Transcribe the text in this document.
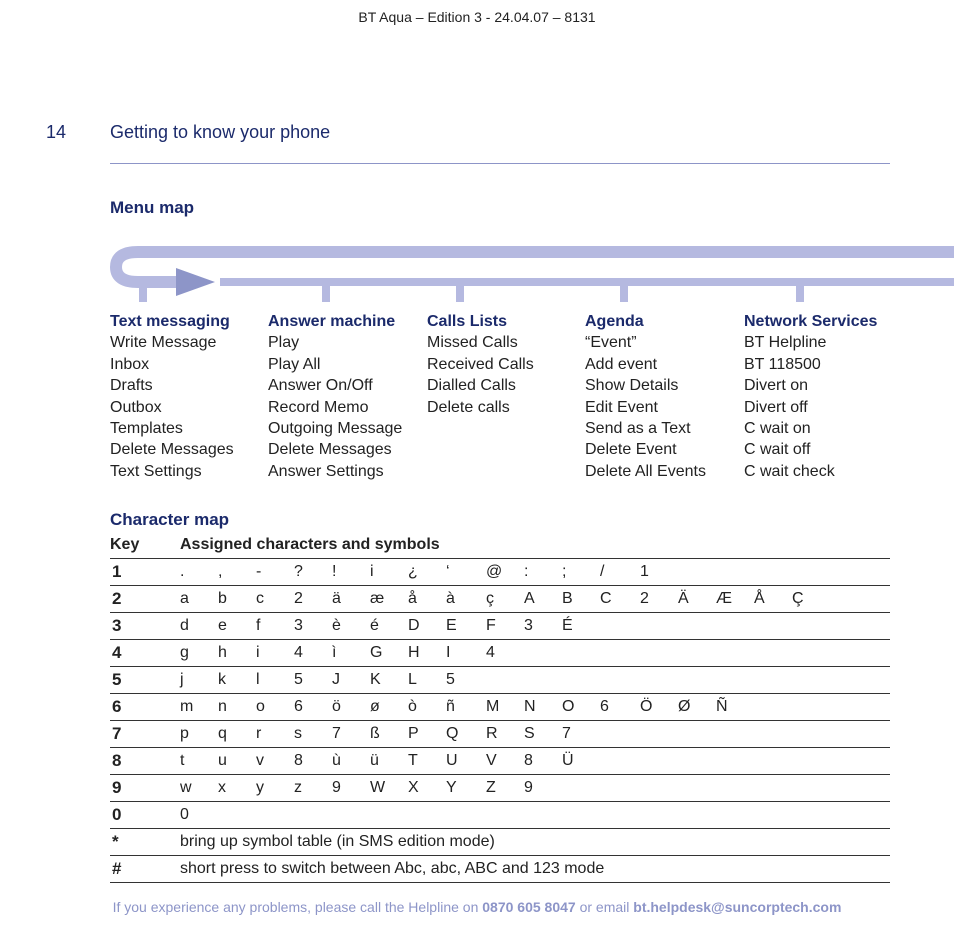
BT Aqua – Edition 3 - 24.04.07 – 8131
14 Getting to know your phone
Menu map
Text messaging
Write Message
Inbox
Drafts
Outbox
Templates
Delete Messages
Text Settings
Answer machine
Play
Play All
Answer On/Off
Record Memo
Outgoing Message
Delete Messages
Answer Settings
Calls Lists
Missed Calls
Received Calls
Dialled Calls
Delete calls
Agenda
“Event”
Add event
Show Details
Edit Event
Send as a Text
Delete Event
Delete All Events
Network Services
BT Helpline
BT 118500
Divert on
Divert off
C wait on
C wait off
C wait check
Character map
Key	Assigned characters and symbols
1	.	,	-	?	!	i	¿	‘	@	:	;	/	1
2	a	b	c	2	ä	æ	å	à	ç	A	B	C	2	Ä	Æ	Å	Ç
3	d	e	f	3	è	é	D	E	F	3	É
4	g	h	i	4	ì	G	H	I	4
5	j	k	l	5	J	K	L	5
6	m	n	o	6	ö	ø	ò	ñ	M	N	O	6	Ö	Ø	Ñ
7	p	q	r	s	7	ß	P	Q	R	S	7
8	t	u	v	8	ù	ü	T	U	V	8	Ü
9	w	x	y	z	9	W	X	Y	Z	9
0	0
*	bring up symbol table (in SMS edition mode)
#	short press to switch between Abc, abc, ABC and 123 mode
If you experience any problems, please call the Helpline on 0870 605 8047 or email bt.helpdesk@suncorptech.com
